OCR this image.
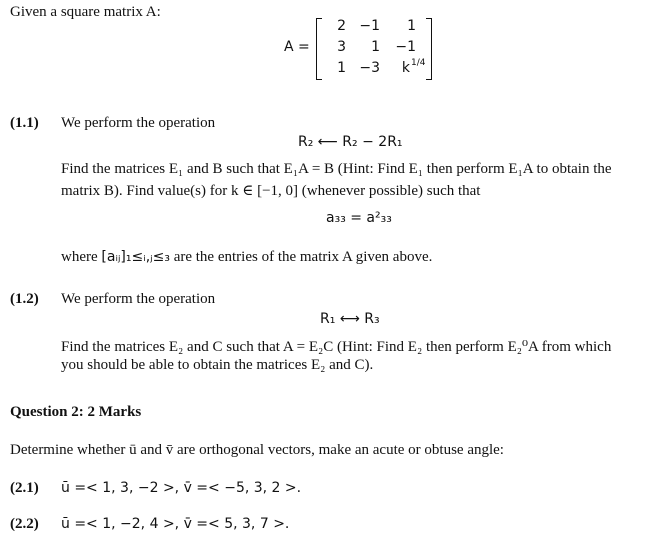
Given a square matrix A:
A =
2 −1	1
3	1 −1
1 −3	k 1/4
(1.1) We perform the operation
R₂ ⟵ R₂ − 2R₁
Find the matrices E₁ and B such that E₁A = B (Hint: Find E₁ then perform E₁A to obtain the
matrix B). Find value(s) for k ∈ [−1, 0] (whenever possible) such that
a₃₃ = a²₃₃
where [aᵢⱼ]₁≤ᵢ,ⱼ≤₃ are the entries of the matrix A given above.
(1.2) We perform the operation
R₁ ⟷ R₃
Find the matrices E₂ and C such that A = E₂C (Hint: Find E₂ then perform E₂⁰A from which
you should be able to obtain the matrices E₂ and C).
Question 2: 2 Marks
Determine whether ū and v̄ are orthogonal vectors, make an acute or obtuse angle:
(2.1) ū =< 1, 3, −2 >, v̄ =< −5, 3, 2 >.
(2.2) ū =< 1, −2, 4 >, v̄ =< 5, 3, 7 >.
